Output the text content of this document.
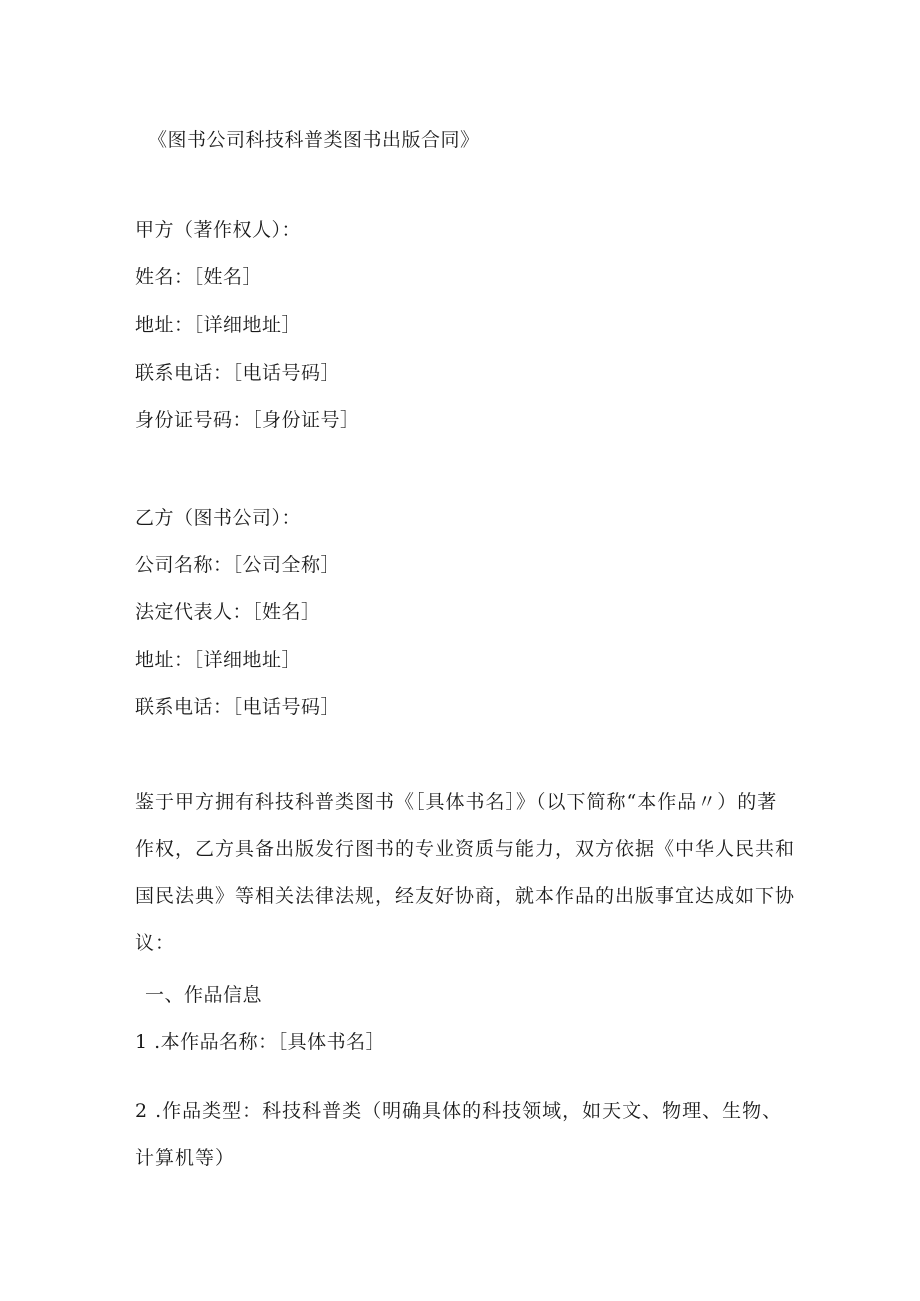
《图书公司科技科普类图书出版合同》
甲方（著作权人）：
姓名：［姓名］
地址：［详细地址］
联系电话：［电话号码］
身份证号码：［身份证号］
乙方（图书公司）：
公司名称：［公司全称］
法定代表人：［姓名］
地址：［详细地址］
联系电话：［电话号码］
鉴于甲方拥有科技科普类图书《［具体书名］》（以下简称“本作品〃）的著作权，乙方具备出版发行图书的专业资质与能力，双方依据《中华人民共和国民法典》等相关法律法规，经友好协商，就本作品的出版事宜达成如下协议：
一、作品信息
1 .本作品名称：［具体书名］
2 .作品类型：科技科普类（明确具体的科技领域，如天文、物理、生物、计算机等）
